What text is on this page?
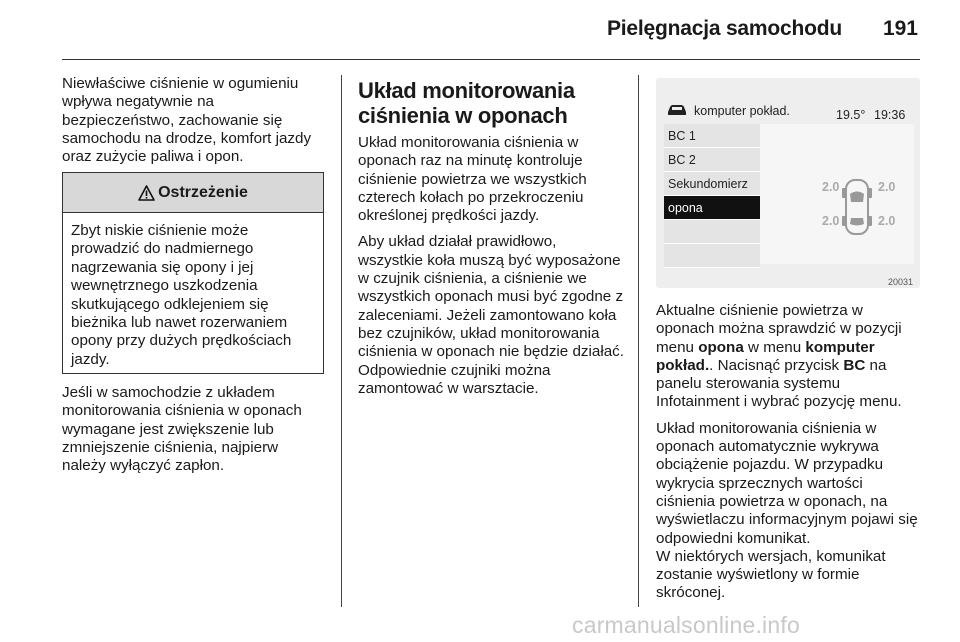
Pielęgnacja samochodu 191

Niewłaściwe ciśnienie w ogumieniu wpływa negatywnie na bezpieczeństwo, zachowanie się samochodu na drodze, komfort jazdy oraz zużycie paliwa i opon.

Ostrzeżenie

Zbyt niskie ciśnienie może prowadzić do nadmiernego nagrzewania się opony i jej wewnętrznego uszkodzenia skutkującego odklejeniem się bieżnika lub nawet rozerwaniem opony przy dużych prędkościach jazdy.

Jeśli w samochodzie z układem monitorowania ciśnienia w oponach wymagane jest zwiększenie lub zmniejszenie ciśnienia, najpierw należy wyłączyć zapłon.

Układ monitorowania ciśnienia w oponach

Układ monitorowania ciśnienia w oponach raz na minutę kontroluje ciśnienie powietrza we wszystkich czterech kołach po przekroczeniu określonej prędkości jazdy.

Aby układ działał prawidłowo, wszystkie koła muszą być wyposażone w czujnik ciśnienia, a ciśnienie we wszystkich oponach musi być zgodne z zaleceniami. Jeżeli zamontowano koła bez czujników, układ monitorowania ciśnienia w oponach nie będzie działać. Odpowiednie czujniki można zamontować w warsztacie.

komputer pokład.	19.5° 19:36
BC 1
BC 2
Sekundomierz
opona
2.0	2.0
2.0	2.0
20031

Aktualne ciśnienie powietrza w oponach można sprawdzić w pozycji menu opona w menu komputer pokład.. Nacisnąć przycisk BC na panelu sterowania systemu Infotainment i wybrać pozycję menu.

Układ monitorowania ciśnienia w oponach automatycznie wykrywa obciążenie pojazdu. W przypadku wykrycia sprzecznych wartości ciśnienia powietrza w oponach, na wyświetlaczu informacyjnym pojawi się odpowiedni komunikat.

W niektórych wersjach, komunikat zostanie wyświetlony w formie skróconej.

carmanualsonline.info
